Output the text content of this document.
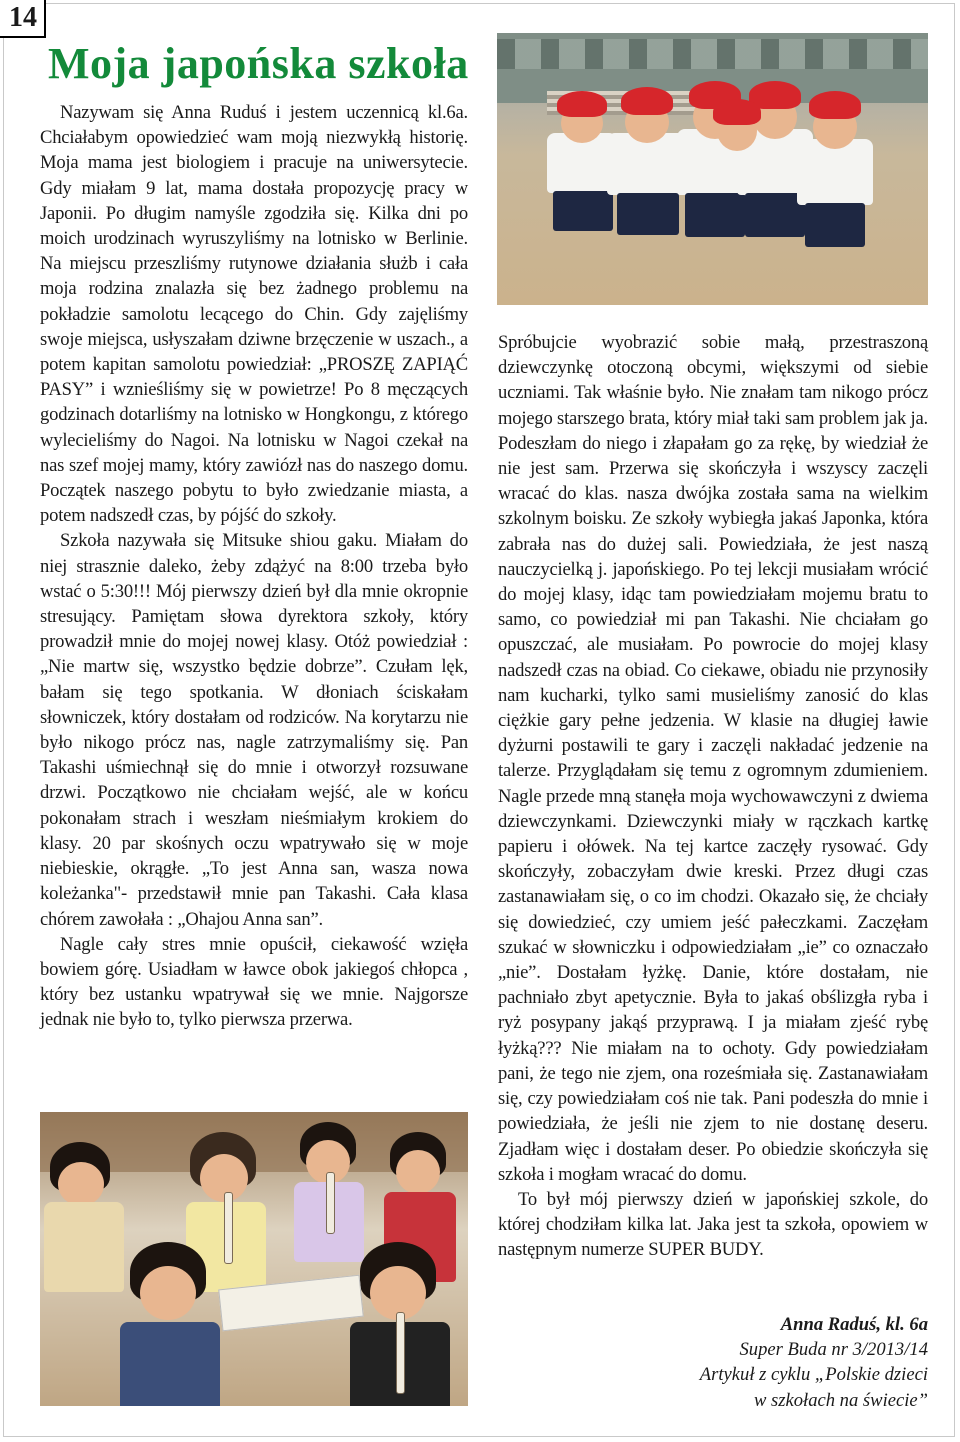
14
Moja japońska szkoła

Nazywam się Anna Ruduś i jestem uczennicą kl.6a. Chciałabym opowiedzieć wam moją niezwykłą historię. Moja mama jest biologiem i pracuje na uniwersytecie. Gdy miałam 9 lat, mama dostała propozycję pracy w Japonii. Po długim namyśle zgodziła się. Kilka dni po moich urodzinach wyruszyliśmy na lotnisko w Berlinie. Na miejscu przeszliśmy rutynowe działania służb i cała moja rodzina znalazła się bez żadnego problemu na pokładzie samolotu lecącego do Chin. Gdy zajęliśmy swoje miejsca, usłyszałam dziwne brzęczenie w uszach., a potem kapitan samolotu powiedział: „PROSZĘ ZAPIĄĆ PASY” i wznieśliśmy się w powietrze! Po 8 męczących godzinach dotarliśmy na lotnisko w Hongkongu, z którego wylecieliśmy do Nagoi. Na lotnisku w Nagoi czekał na nas szef mojej mamy, który zawiózł nas do naszego domu. Początek naszego pobytu to było zwiedzanie miasta, a potem nadszedł czas, by pójść do szkoły.

Szkoła nazywała się Mitsuke shiou gaku. Miałam do niej strasznie daleko, żeby zdążyć na 8:00 trzeba było wstać o 5:30!!! Mój pierwszy dzień był dla mnie okropnie stresujący. Pamiętam słowa dyrektora szkoły, który prowadził mnie do mojej nowej klasy. Otóż powiedział : „Nie martw się, wszystko będzie dobrze”. Czułam lęk, bałam się tego spotkania. W dłoniach ściskałam słowniczek, który dostałam od rodziców. Na korytarzu nie było nikogo prócz nas, nagle zatrzymaliśmy się. Pan Takashi uśmiechnął się do mnie i otworzył rozsuwane drzwi. Początkowo nie chciałam wejść, ale w końcu pokonałam strach i weszłam nieśmiałym krokiem do klasy. 20 par skośnych oczu wpatrywało się w moje niebieskie, okrągłe. „To jest Anna san, wasza nowa koleżanka"- przedstawił mnie pan Takashi. Cała klasa chórem zawołała : „Ohajou Anna san”.

Nagle cały stres mnie opuścił, ciekawość wzięła bowiem górę. Usiadłam w ławce obok jakiegoś chłopca , który bez ustanku wpatrywał się we mnie. Najgorsze jednak nie było to, tylko pierwsza przerwa.

Spróbujcie wyobrazić sobie małą, przestraszoną dziewczynkę otoczoną obcymi, większymi od siebie uczniami. Tak właśnie było. Nie znałam tam nikogo prócz mojego starszego brata, który miał taki sam problem jak ja. Podeszłam do niego i złapałam go za rękę, by wiedział że nie jest sam. Przerwa się skończyła i wszyscy zaczęli wracać do klas. nasza dwójka została sama na wielkim szkolnym boisku. Ze szkoły wybiegła jakaś Japonka, która zabrała nas do dużej sali. Powiedziała, że jest naszą nauczycielką j. japońskiego. Po tej lekcji musiałam wrócić do mojej klasy, idąc tam powiedziałam mojemu bratu to samo, co powiedział mi pan Takashi. Nie chciałam go opuszczać, ale musiałam. Po powrocie do mojej klasy nadszedł czas na obiad. Co ciekawe, obiadu nie przynosiły nam kucharki, tylko sami musieliśmy zanosić do klas ciężkie gary pełne jedzenia. W klasie na długiej ławie dyżurni postawili te gary i zaczęli nakładać jedzenie na talerze. Przyglądałam się temu z ogromnym zdumieniem. Nagle przede mną stanęła moja wychowawczyni z dwiema dziewczynkami. Dziewczynki miały w rączkach kartkę papieru i ołówek. Na tej kartce zaczęły rysować. Gdy skończyły, zobaczyłam dwie kreski. Przez długi czas zastanawiałam się, o co im chodzi. Okazało się, że chciały się dowiedzieć, czy umiem jeść pałeczkami. Zaczęłam szukać w słowniczku i odpowiedziałam „ie” co oznaczało „nie”. Dostałam łyżkę. Danie, które dostałam, nie pachniało zbyt apetycznie. Była to jakaś obślizgła ryba i ryż posypany jakąś przyprawą. I ja miałam zjeść rybę łyżką??? Nie miałam na to ochoty. Gdy powiedziałam pani, że tego nie zjem, ona roześmiała się. Zastanawiałam się, czy powiedziałam coś nie tak. Pani podeszła do mnie i powiedziała, że jeśli nie zjem to nie dostanę deseru. Zjadłam więc i dostałam deser. Po obiedzie skończyła się szkoła i mogłam wracać do domu.

To był mój pierwszy dzień w japońskiej szkole, do której chodziłam kilka lat. Jaka jest ta szkoła, opowiem w następnym numerze SUPER BUDY.

Anna Raduś, kl. 6a
Super Buda nr 3/2013/14
Artykuł z cyklu „Polskie dzieci
w szkołach na świecie”
